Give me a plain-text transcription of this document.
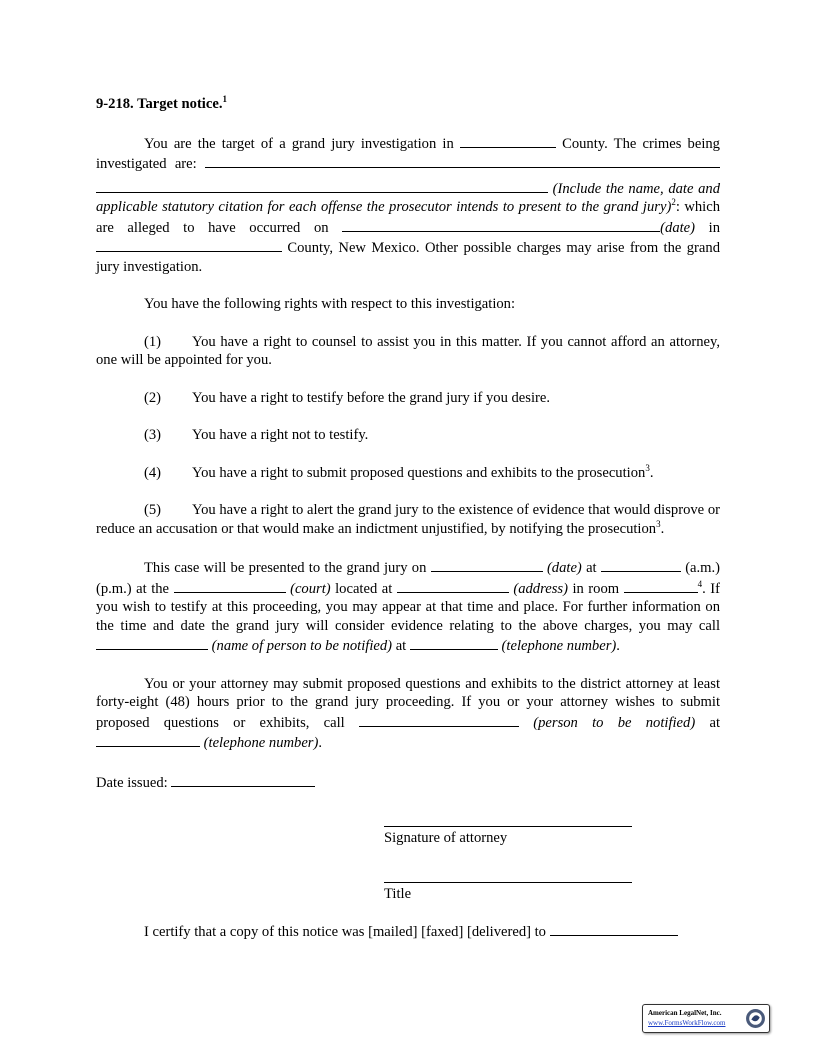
9-218. Target notice.$^1$
You are the target of a grand jury investigation in	County. The crimes being investigated are:   (Include the name, date and applicable statutory citation for each offense the prosecutor intends to present to the grand jury)$^2$: which are alleged to have occurred on	(date) in  County, New Mexico. Other possible charges may arise from the grand jury investigation.
You have the following rights with respect to this investigation:
(1) You have a right to counsel to assist you in this matter. If you cannot afford an attorney, one will be appointed for you.
(2) You have a right to testify before the grand jury if you desire.
(3) You have a right not to testify.
(4) You have a right to submit proposed questions and exhibits to the prosecution$^3$.
(5) You have a right to alert the grand jury to the existence of evidence that would disprove or reduce an accusation or that would make an indictment unjustified, by notifying the prosecution$^3$.
This case will be presented to the grand jury on	(date) at	(a.m.) (p.m.) at the	(court) located at	(address) in room	$^4$. If you wish to testify at this proceeding, you may appear at that time and place. For further information on the time and date the grand jury will consider evidence relating to the above charges, you may call  (name of person to be notified) at	(telephone number).
You or your attorney may submit proposed questions and exhibits to the district attorney at least forty-eight (48) hours prior to the grand jury proceeding. If you or your attorney wishes to submit proposed questions or exhibits, call	(person to be notified) at  (telephone number).
Date issued:
Signature of attorney
Title
I certify that a copy of this notice was [mailed] [faxed] [delivered] to
American LegalNet, Inc.
www.FormsWorkFlow.com
